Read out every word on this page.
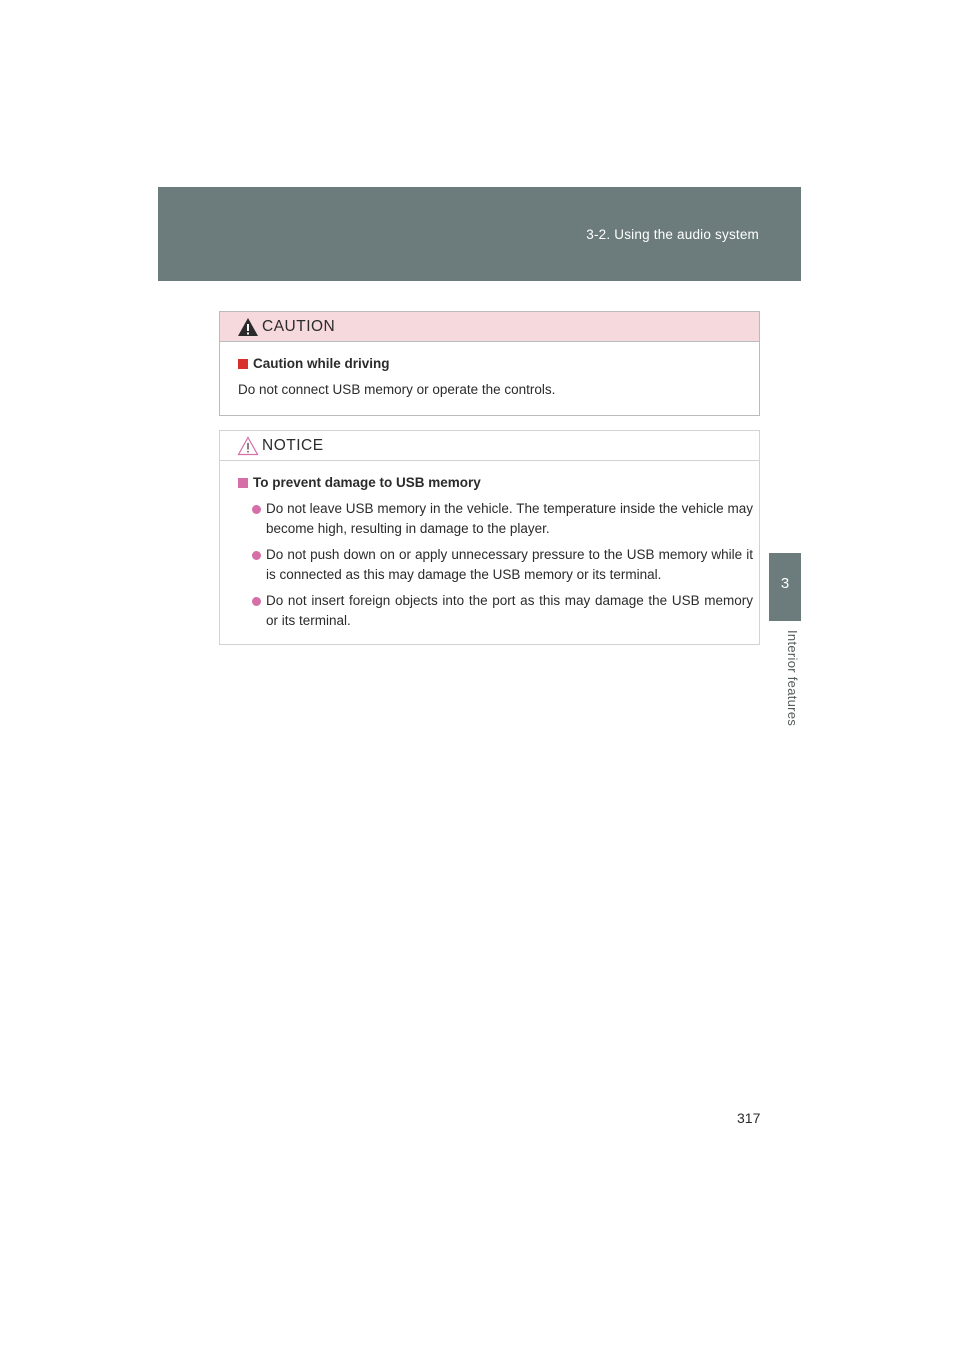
3-2. Using the audio system
3
Interior features
CAUTION
Caution while driving

Do not connect USB memory or operate the controls.

NOTICE
To prevent damage to USB memory
Do not leave USB memory in the vehicle. The temperature inside the vehicle may become high, resulting in damage to the player.
Do not push down on or apply unnecessary pressure to the USB memory while it is connected as this may damage the USB memory or its terminal.
Do not insert foreign objects into the port as this may damage the USB memory or its terminal.
317
